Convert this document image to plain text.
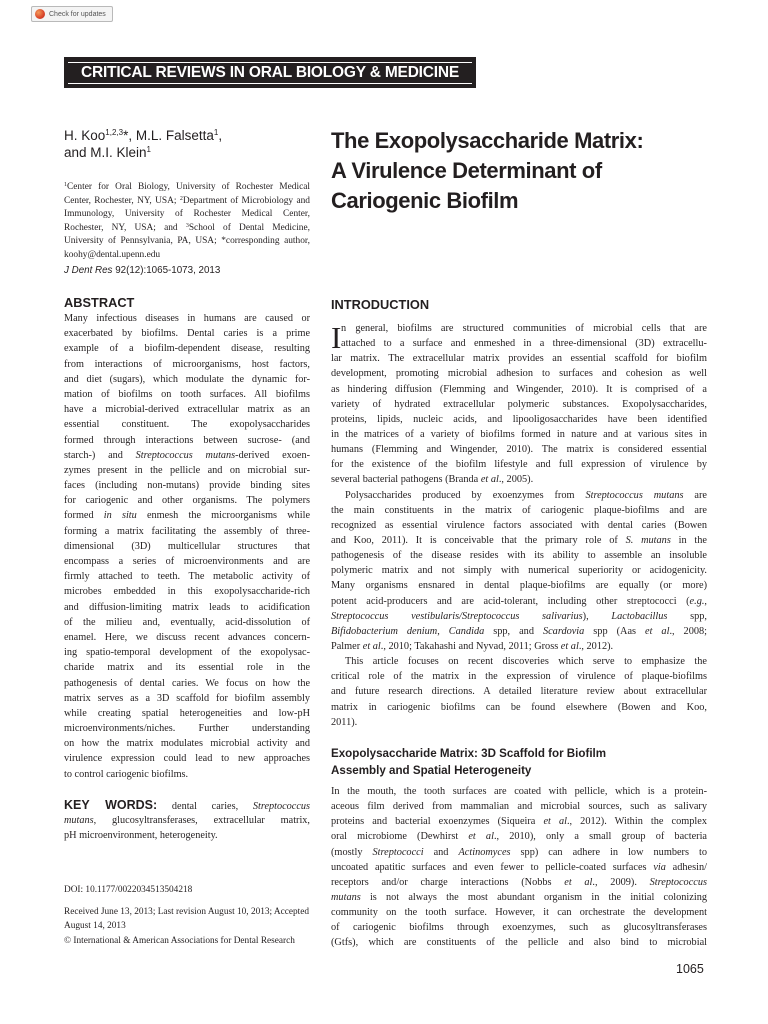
Check for updates
CRITICAL REVIEWS IN ORAL BIOLOGY & MEDICINE
H. Koo$^{1,2,3}$*, M.L. Falsetta$^1$,
and M.I. Klein$^1$
$^1$Center for Oral Biology, University of Rochester Medical Center, Rochester, NY, USA; $^2$Department of Microbiology and Immunology, University of Rochester Medical Center, Rochester, NY, USA; and $^3$School of Dental Medicine, University of Pennsylvania, PA, USA; *corresponding author, koohy@dental.upenn.edu
J Dent Res 92(12):1065-1073, 2013
The Exopolysaccharide Matrix:
A Virulence Determinant of
Cariogenic Biofilm
ABSTRACT
Many infectious diseases in humans are caused or
exacerbated by biofilms. Dental caries is a prime
example of a biofilm-dependent disease, resulting
from interactions of microorganisms, host factors,
and diet (sugars), which modulate the dynamic for-
mation of biofilms on tooth surfaces. All biofilms
have a microbial-derived extracellular matrix as an
essential constituent. The exopolysaccharides
formed through interactions between sucrose- (and
starch-) and Streptococcus mutans-derived exoen-
zymes present in the pellicle and on microbial sur-
faces (including non-mutans) provide binding sites
for cariogenic and other organisms. The polymers
formed in situ enmesh the microorganisms while
forming a matrix facilitating the assembly of three-
dimensional (3D) multicellular structures that
encompass a series of microenvironments and are
firmly attached to teeth. The metabolic activity of
microbes embedded in this exopolysaccharide-rich
and diffusion-limiting matrix leads to acidification
of the milieu and, eventually, acid-dissolution of
enamel. Here, we discuss recent advances concern-
ing spatio-temporal development of the exopolysac-
charide matrix and its essential role in the
pathogenesis of dental caries. We focus on how the
matrix serves as a 3D scaffold for biofilm assembly
while creating spatial heterogeneities and low-pH
microenvironments/niches. Further understanding
on how the matrix modulates microbial activity and
virulence expression could lead to new approaches
to control cariogenic biofilms.
KEY WORDS: dental caries, Streptococcus
mutans, glucosyltransferases, extracellular matrix,
pH microenvironment, heterogeneity.
DOI: 10.1177/0022034513504218
Received June 13, 2013; Last revision August 10, 2013; Accepted August 14, 2013
© International & American Associations for Dental Research
INTRODUCTION
I n general, biofilms are structured communities of microbial cells that are
attached to a surface and enmeshed in a three-dimensional (3D) extracellu-
lar matrix. The extracellular matrix provides an essential scaffold for biofilm
development, promoting microbial adhesion to surfaces and cohesion as well
as hindering diffusion (Flemming and Wingender, 2010). It is comprised of a
variety of hydrated extracellular polymeric substances. Exopolysaccharides,
proteins, lipids, nucleic acids, and lipooligosaccharides have been identified
in the matrices of a variety of biofilms formed in nature and at various sites in
humans (Flemming and Wingender, 2010). The matrix is considered essential
for the existence of the biofilm lifestyle and full expression of virulence by
several bacterial pathogens (Branda et al., 2005).
Polysaccharides produced by exoenzymes from Streptococcus mutans are
the main constituents in the matrix of cariogenic plaque-biofilms and are
recognized as essential virulence factors associated with dental caries (Bowen
and Koo, 2011). It is conceivable that the primary role of S. mutans in the
pathogenesis of the disease resides with its ability to assemble an insoluble
polymeric matrix and not simply with numerical superiority or acidogenicity.
Many organisms ensnared in dental plaque-biofilms are equally (or more)
potent acid-producers and are acid-tolerant, including other streptococci (e.g.,
Streptococcus vestibularis/Streptococcus salivarius), Lactobacillus spp,
Bifidobacterium denium, Candida spp, and Scardovia spp (Aas et al., 2008;
Palmer et al., 2010; Takahashi and Nyvad, 2011; Gross et al., 2012).
This article focuses on recent discoveries which serve to emphasize the
critical role of the matrix in the expression of virulence of plaque-biofilms
and future research directions. A detailed literature review about extracellular
matrix in cariogenic biofilms can be found elsewhere (Bowen and Koo,
2011).
Exopolysaccharide Matrix: 3D Scaffold for Biofilm
Assembly and Spatial Heterogeneity
In the mouth, the tooth surfaces are coated with pellicle, which is a protein-
aceous film derived from mammalian and microbial sources, such as salivary
proteins and bacterial exoenzymes (Siqueira et al., 2012). Within the complex
oral microbiome (Dewhirst et al., 2010), only a small group of bacteria
(mostly Streptococci and Actinomyces spp) can adhere in low numbers to
uncoated apatitic surfaces and even fewer to pellicle-coated surfaces via adhesin/
receptors and/or charge interactions (Nobbs et al., 2009). Streptococcus
mutans is not always the most abundant organism in the initial colonizing
community on the tooth surface. However, it can orchestrate the development
of cariogenic biofilms through exoenzymes, such as glucosyltransferases
(Gtfs), which are constituents of the pellicle and also bind to microbial
1065
